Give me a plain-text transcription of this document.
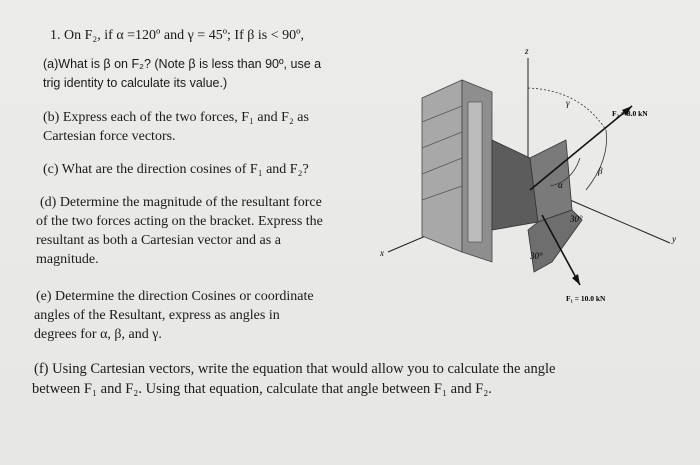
1. On F₂, if α =120º and γ = 45º; If β is < 90º,
(a)What is β on F₂? (Note β is less than 90º, use a
trig identity to calculate its value.)
(b) Express each of the two forces, F₁ and F₂ as
Cartesian force vectors.
(c) What are the direction cosines of F₁ and F₂?
(d) Determine the magnitude of the resultant force
of the two forces acting on the bracket. Express the
resultant as both a Cartesian vector and as a
magnitude.
(e) Determine the direction Cosines or coordinate
angles of the Resultant, express as angles in
degrees for α, β, and γ.
(f) Using Cartesian vectors, write the equation that would allow you to calculate the angle
between F₁ and F₂. Using that equation, calculate that angle between F₁ and F₂.
z
x
y
γ
α
β
30°
30°
F₂ = 8.0 kN
F₁ = 10.0 kN
